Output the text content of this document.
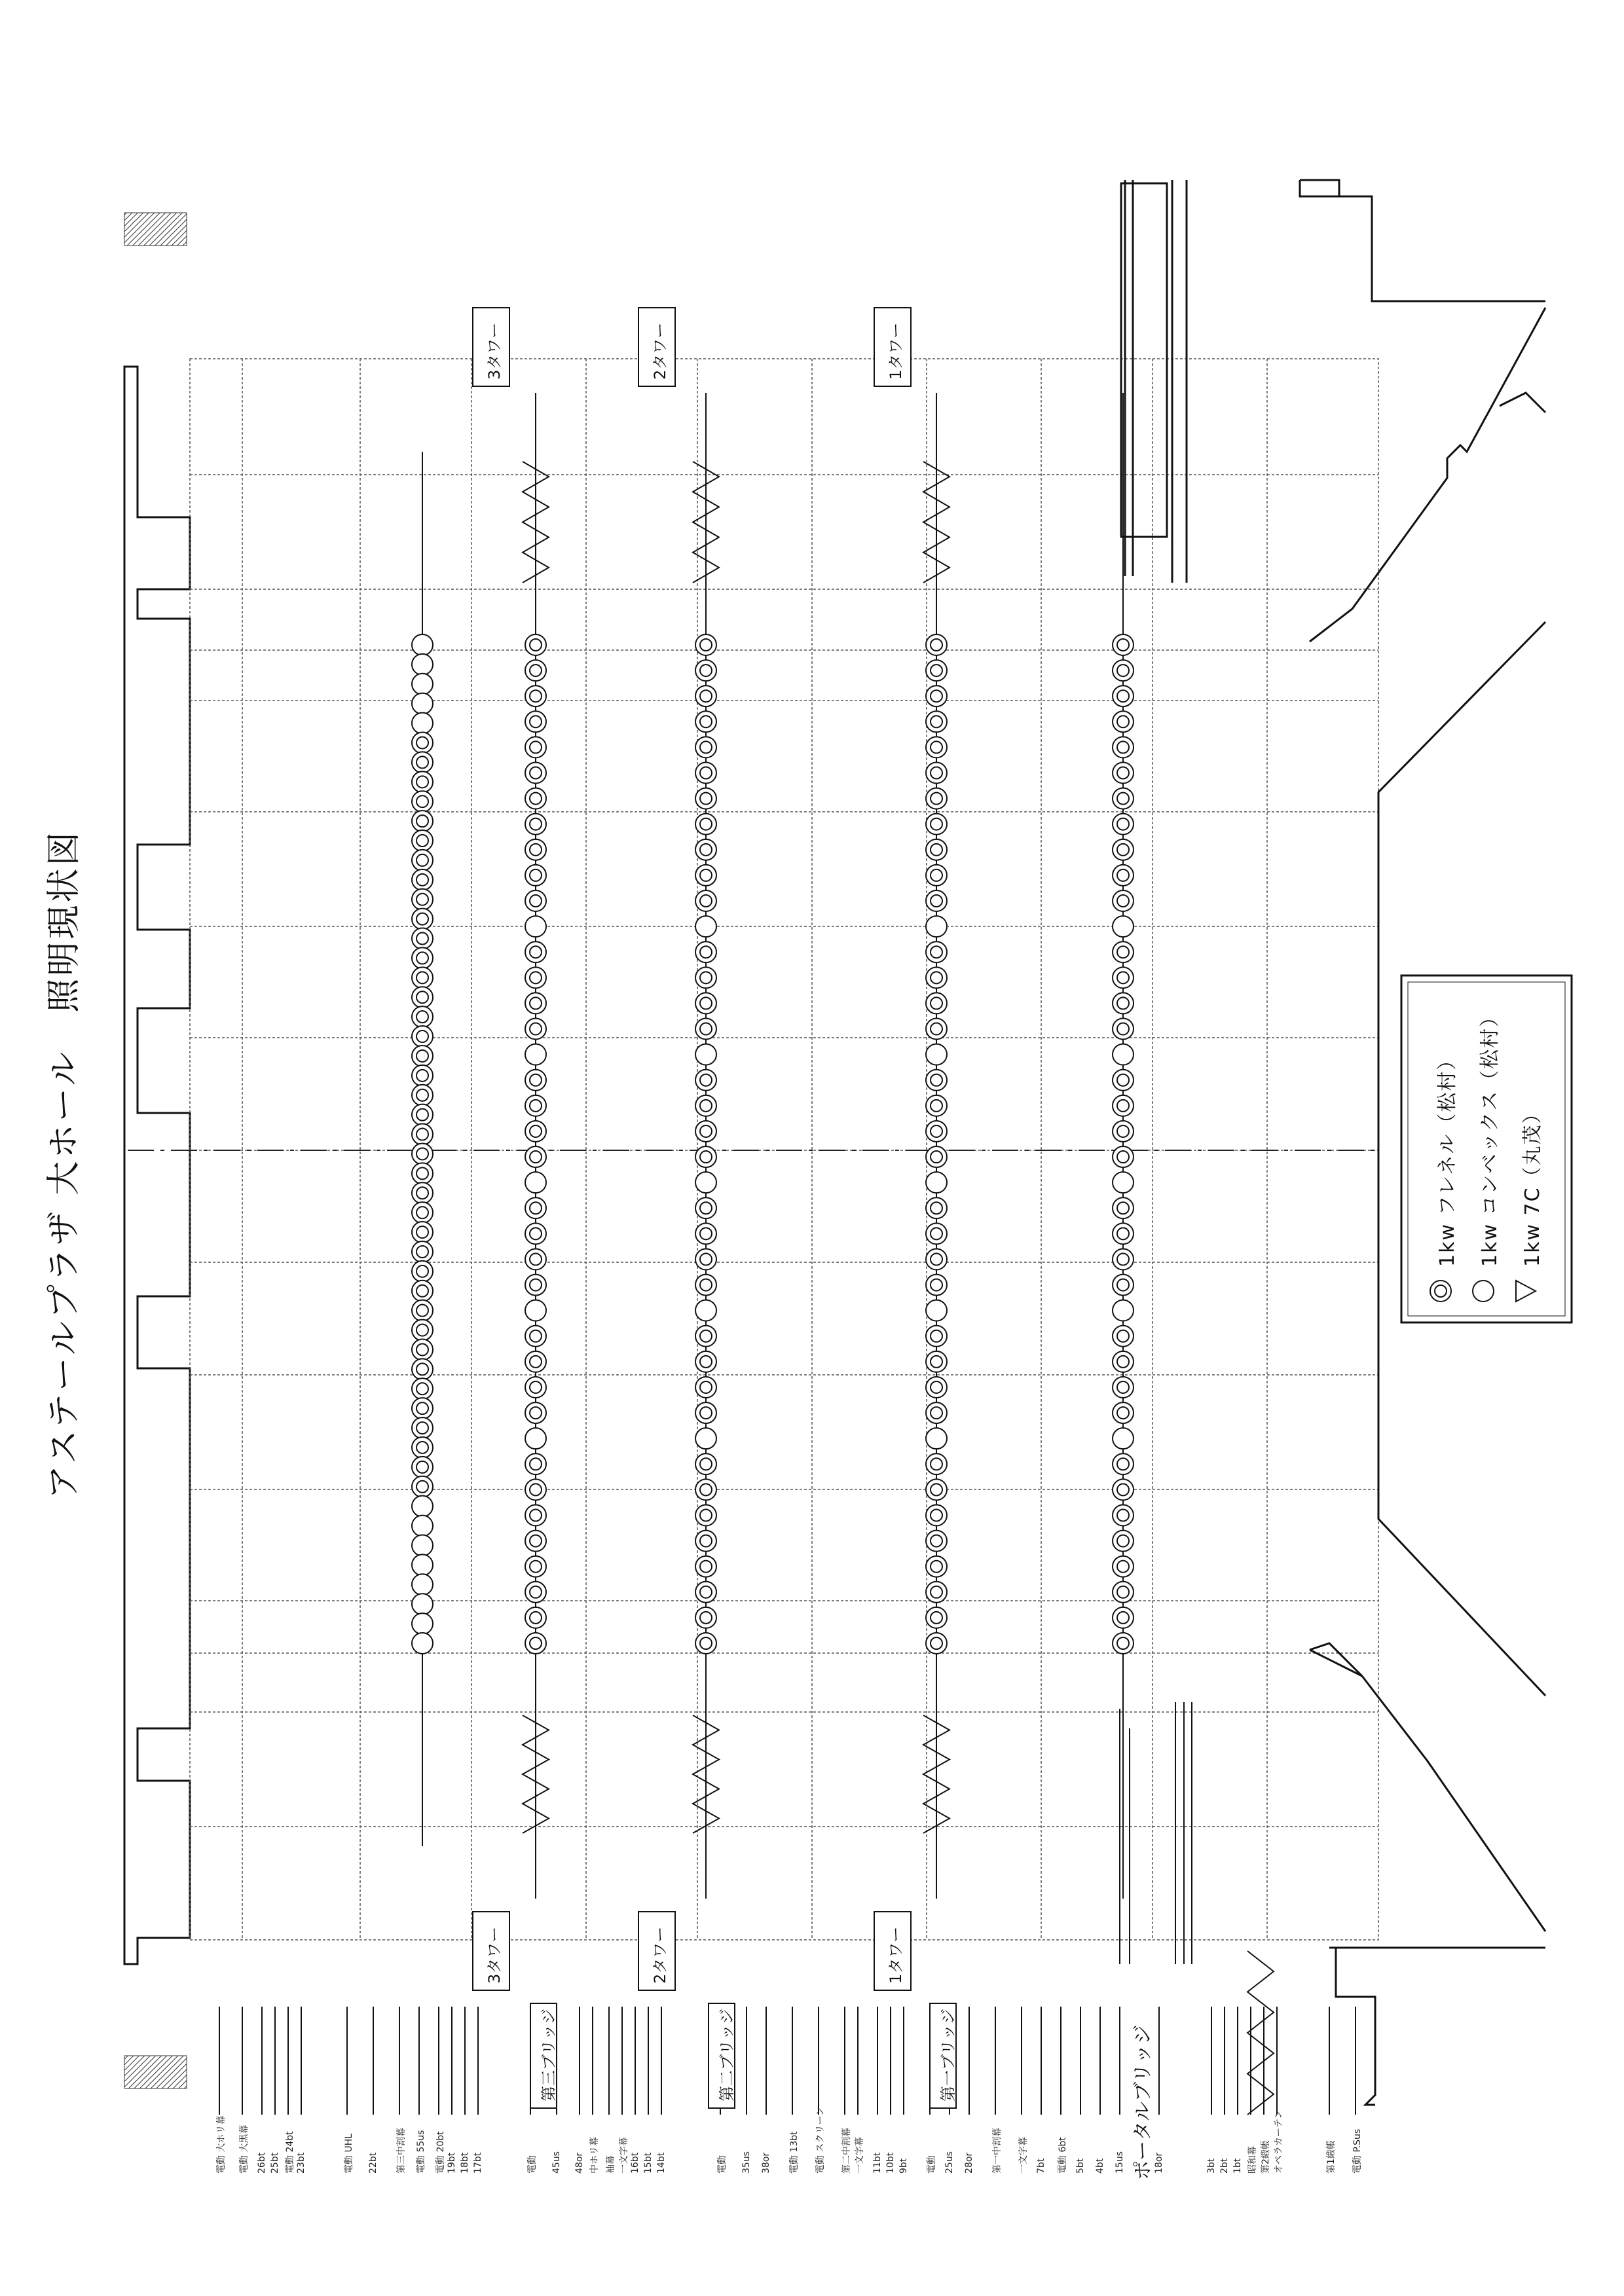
アステールプラザ 大ホール　照明現状図	1kw フレネル（松村） 1kw コンベックス（松村） 1kw 7C（丸茂）
3タワー	2タワー	1タワー
3タワー	2タワー	1タワー
第三ブリッジ	第二ブリッジ	第一ブリッジ	ポータルブリッジ
電動 大ホリ幕 電動 大黒幕 26bt 25bt 電動 24bt 23bt	電動 UHL 22bt 第三中割幕 電動 55us 電動 20bt 19bt 18bt 17bt	電動 45us 48or 中ホリ幕 袖幕 一文字幕 16bt 15bt 14bt	電動 35us 38or 電動 13bt 電動 スクリーン 第二中割幕 一文字幕 11bt 10bt 9bt 電動 25us 28or 第一中割幕 一文字幕 7bt 電動 6bt 5bt 4bt 15us	18or	3bt 2bt 1bt 昭和幕 第2緞帳 オペラカーテン	第1緞帳 電動 P.Sus
